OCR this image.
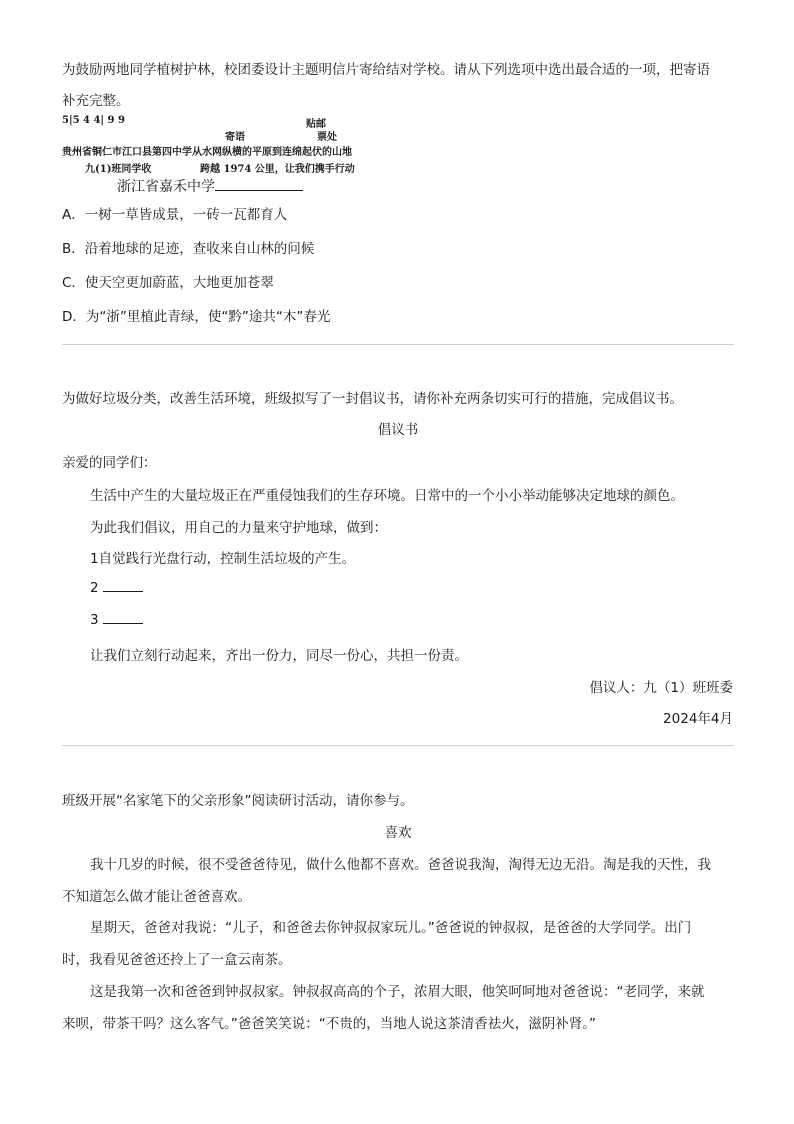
为鼓励两地同学植树护林，校团委设计主题明信片寄给结对学校。请从下列选项中选出最合适的一项，把寄语
补充完整。
5|5 4 4| 9 9	贴邮
寄语	票处
贵州省铜仁市江口县第四中学从水网纵横的平原到连绵起伏的山地
九(1)班同学收	跨越 1974 公里，让我们携手行动
浙江省嘉禾中学
A．一树一草皆成景，一砖一瓦都育人
B．沿着地球的足迹，查收来自山林的问候
C．使天空更加蔚蓝，大地更加苍翠
D．为“浙”里植此青绿，使“黔”途共“木”春光
为做好垃圾分类，改善生活环境，班级拟写了一封倡议书，请你补充两条切实可行的措施，完成倡议书。
倡议书
亲爱的同学们：
生活中产生的大量垃圾正在严重侵蚀我们的生存环境。日常中的一个小小举动能够决定地球的颜色。
为此我们倡议，用自己的力量来守护地球，做到：
1自觉践行光盘行动，控制生活垃圾的产生。
2
3
让我们立刻行动起来，齐出一份力，同尽一份心，共担一份责。
倡议人：九（1）班班委
2024年4月
班级开展“名家笔下的父亲形象”阅读研讨活动，请你参与。
喜欢
我十几岁的时候，很不受爸爸待见，做什么他都不喜欢。爸爸说我淘，淘得无边无沿。淘是我的天性，我
不知道怎么做才能让爸爸喜欢。
星期天，爸爸对我说：“儿子，和爸爸去你钟叔叔家玩儿。”爸爸说的钟叔叔，是爸爸的大学同学。出门
时，我看见爸爸还拎上了一盒云南茶。
这是我第一次和爸爸到钟叔叔家。钟叔叔高高的个子，浓眉大眼，他笑呵呵地对爸爸说：“老同学，来就
来呗，带茶干吗？这么客气。”爸爸笑笑说：“不贵的，当地人说这茶清香祛火，滋阴补肾。”
